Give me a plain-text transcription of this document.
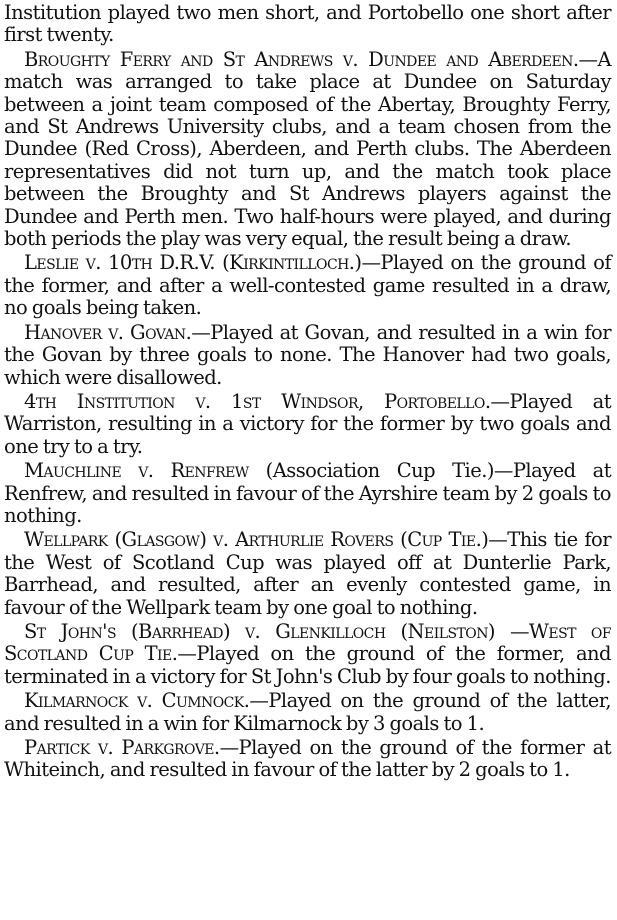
Institution played two men short, and Portobello one short after first twenty.

Broughty Ferry and St Andrews v. Dundee and Aberdeen.—A match was arranged to take place at Dundee on Saturday between a joint team composed of the Abertay, Broughty Ferry, and St Andrews University clubs, and a team chosen from the Dundee (Red Cross), Aberdeen, and Perth clubs. The Aberdeen representatives did not turn up, and the match took place between the Broughty and St Andrews players against the Dundee and Perth men. Two half-hours were played, and during both periods the play was very equal, the result being a draw.

Leslie v. 10th D.R.V. (Kirkintilloch.)—Played on the ground of the former, and after a well-contested game resulted in a draw, no goals being taken.

Hanover v. Govan.—Played at Govan, and resulted in a win for the Govan by three goals to none. The Hanover had two goals, which were disallowed.

4th Institution v. 1st Windsor, Portobello.—Played at Warriston, resulting in a victory for the former by two goals and one try to a try.

Mauchline v. Renfrew (Association Cup Tie.)—Played at Renfrew, and resulted in favour of the Ayrshire team by 2 goals to nothing.

Wellpark (Glasgow) v. Arthurlie Rovers (Cup Tie.)—This tie for the West of Scotland Cup was played off at Dunterlie Park, Barrhead, and resulted, after an evenly contested game, in favour of the Wellpark team by one goal to nothing.

St John's (Barrhead) v. Glenkilloch (Neilston) —West of Scotland Cup Tie.—Played on the ground of the former, and terminated in a victory for St John's Club by four goals to nothing.

Kilmarnock v. Cumnock.—Played on the ground of the latter, and resulted in a win for Kilmarnock by 3 goals to 1.

Partick v. Parkgrove.—Played on the ground of the former at Whiteinch, and resulted in favour of the latter by 2 goals to 1.
